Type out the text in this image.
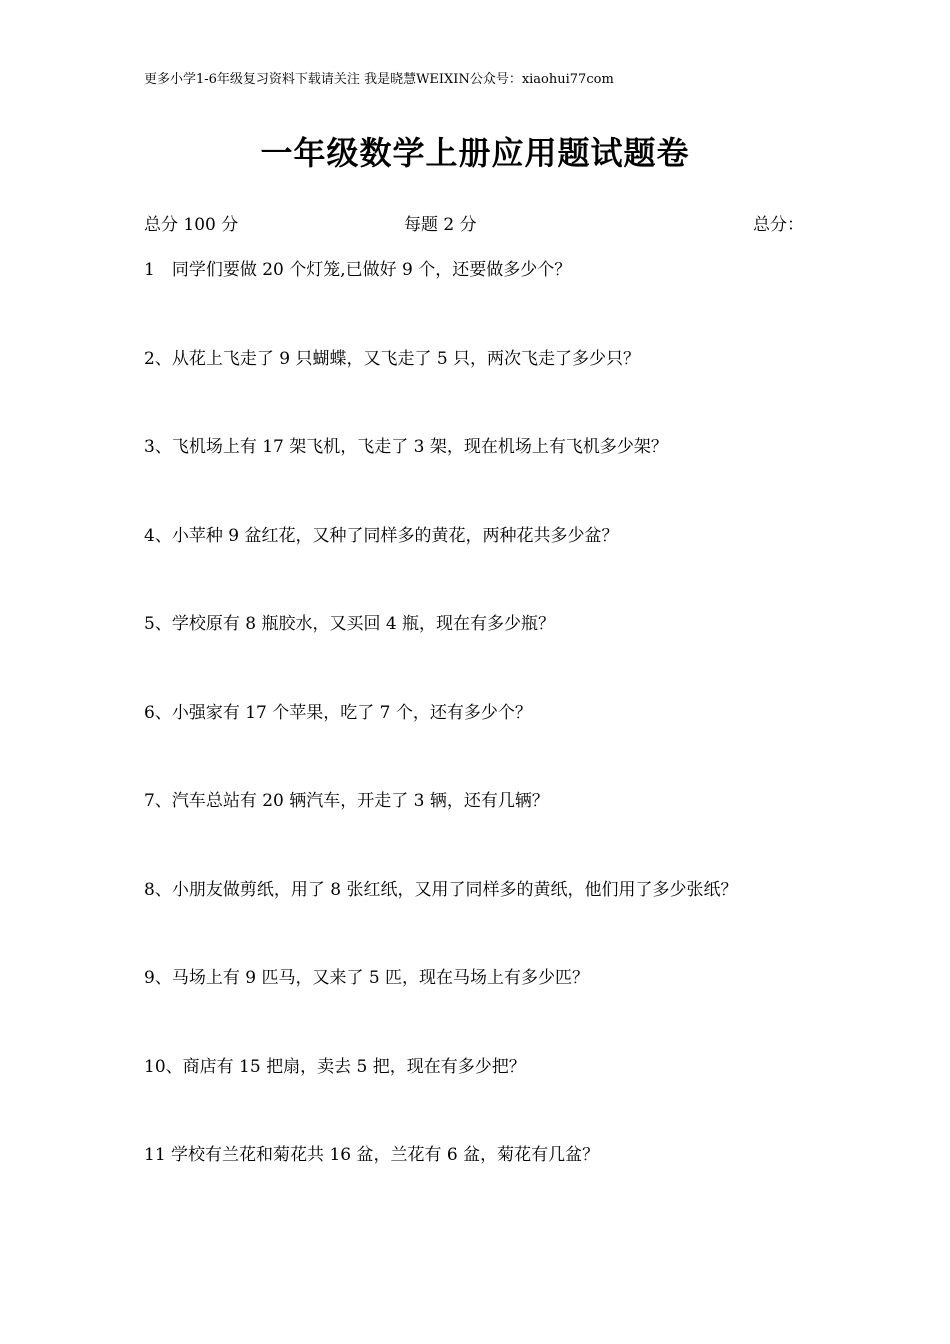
更多小学1-6年级复习资料下载请关注 我是晓慧WEIXIN公众号：xiaohui77com
一年级数学上册应用题试题卷
总分 100 分	每题 2 分	总分：
1　同学们要做 20 个灯笼,已做好 9 个，还要做多少个？
2、从花上飞走了 9 只蝴蝶，又飞走了 5 只，两次飞走了多少只？
3、飞机场上有 17 架飞机，飞走了 3 架，现在机场上有飞机多少架？
4、小苹种 9 盆红花，又种了同样多的黄花，两种花共多少盆？
5、学校原有 8 瓶胶水，又买回 4 瓶，现在有多少瓶？
6、小强家有 17 个苹果，吃了 7 个，还有多少个？
7、汽车总站有 20 辆汽车，开走了 3 辆，还有几辆？
8、小朋友做剪纸，用了 8 张红纸，又用了同样多的黄纸，他们用了多少张纸？
9、马场上有 9 匹马，又来了 5 匹，现在马场上有多少匹？
10、商店有 15 把扇，卖去 5 把，现在有多少把？
11 学校有兰花和菊花共 16 盆，兰花有 6 盆，菊花有几盆？
